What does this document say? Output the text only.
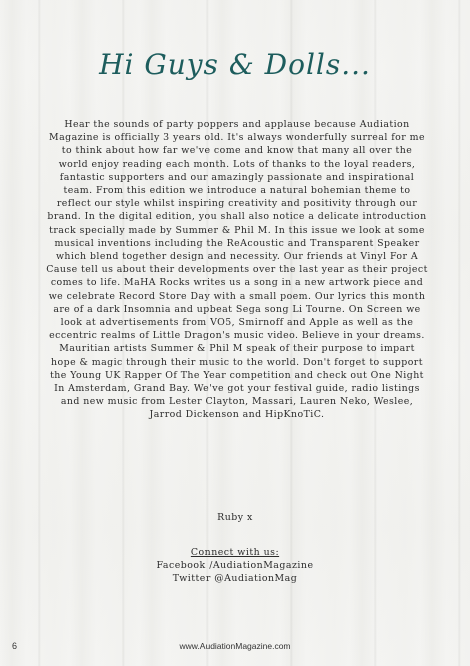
Hi Guys & Dolls...

Hear the sounds of party poppers and applause because Audiation Magazine is officially 3 years old. It's always wonderfully surreal for me to think about how far we've come and know that many all over the world enjoy reading each month. Lots of thanks to the loyal readers, fantastic supporters and our amazingly passionate and inspirational team. From this edition we introduce a natural bohemian theme to reflect our style whilst inspiring creativity and positivity through our brand. In the digital edition, you shall also notice a delicate introduction track specially made by Summer & Phil M. In this issue we look at some musical inventions including the ReAcoustic and Transparent Speaker which blend together design and necessity. Our friends at Vinyl For A Cause tell us about their developments over the last year as their project comes to life. MaHA Rocks writes us a song in a new artwork piece and we celebrate Record Store Day with a small poem. Our lyrics this month are of a dark Insomnia and upbeat Sega song Li Tourne. On Screen we look at advertisements from VO5, Smirnoff and Apple as well as the eccentric realms of Little Dragon's music video. Believe in your dreams. Mauritian artists Summer & Phil M speak of their purpose to impart hope & magic through their music to the world. Don't forget to support the Young UK Rapper Of The Year competition and check out One Night In Amsterdam, Grand Bay. We've got your festival guide, radio listings and new music from Lester Clayton, Massari, Lauren Neko, Weslee, Jarrod Dickenson and HipKnoTiC.

Ruby x
Connect with us:
Facebook /AudiationMagazine
Twitter @AudiationMag
6	www.AudiationMagazine.com
